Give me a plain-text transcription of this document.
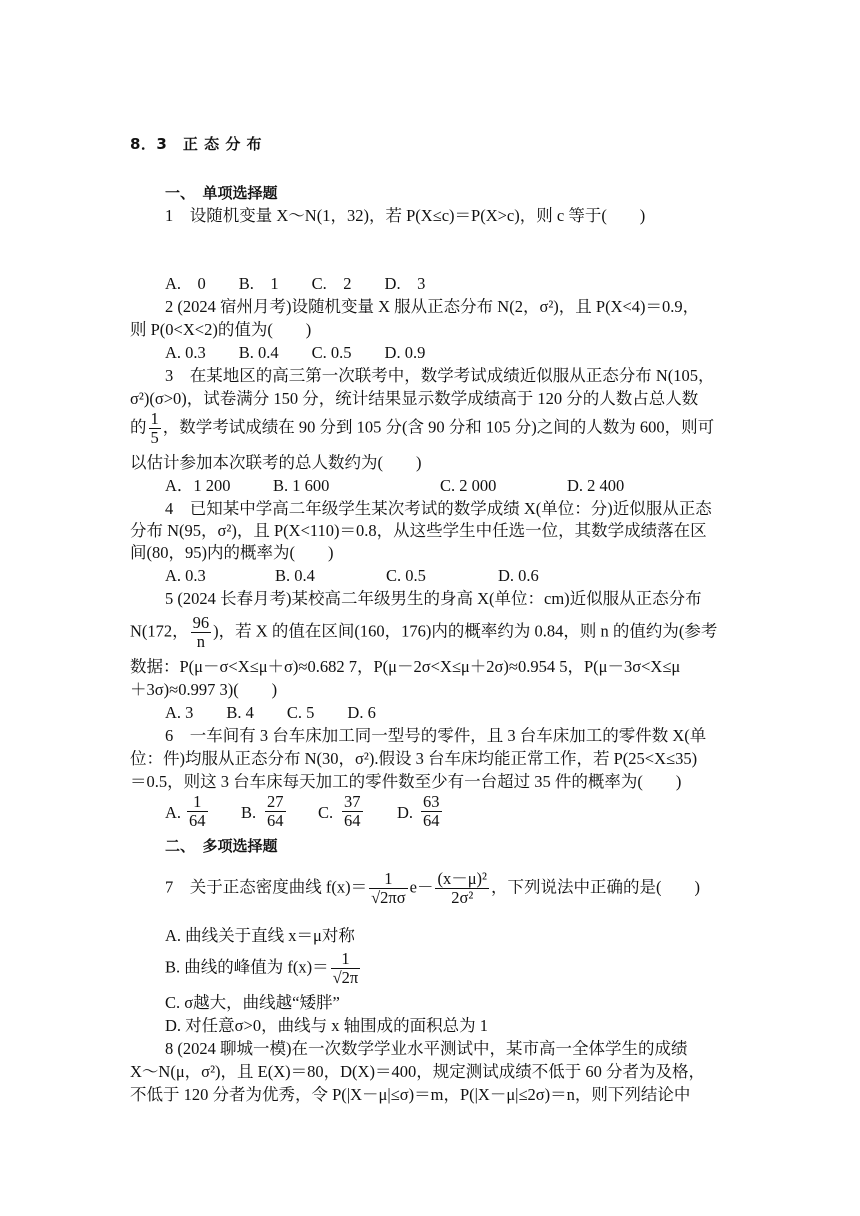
8．3　正 态 分 布
一、　单项选择题
1　设随机变量 X～N(1，32)，若 P(X≤c)＝P(X>c)，则 c 等于(　　)
A.　0　　B.　1　　C.　2　　D.　3
2 (2024 宿州月考)设随机变量 X 服从正态分布 N(2，σ²)，且 P(X<4)＝0.9，
则 P(0<X<2)的值为(　　)
A. 0.3　　B. 0.4　　C. 0.5　　D. 0.9
3　在某地区的高三第一次联考中，数学考试成绩近似服从正态分布 N(105，
σ²)(σ>0)，试卷满分 150 分，统计结果显示数学成绩高于 120 分的人数占总人数
的 $\frac{1}{5}$ ，数学考试成绩在 90 分到 105 分(含 90 分和 105 分)之间的人数为 600，则可
以估计参加本次联考的总人数约为(　　)
A．1 200	B. 1 600	C. 2 000	D. 2 400
4　已知某中学高二年级学生某次考试的数学成绩 X(单位：分)近似服从正态
分布 N(95，σ²)，且 P(X<110)＝0.8，从这些学生中任选一位，其数学成绩落在区
间(80，95)内的概率为(　　)
A. 0.3	B. 0.4	C. 0.5	D. 0.6
5 (2024 长春月考)某校高二年级男生的身高 X(单位：cm)近似服从正态分布
N(172， $\frac{96}{n}$ )，若 X 的值在区间(160，176)内的概率约为 0.84，则 n 的值约为(参考
数据：P(μ－σ<X≤μ＋σ)≈0.682 7，P(μ－2σ<X≤μ＋2σ)≈0.954 5，P(μ－3σ<X≤μ
＋3σ)≈0.997 3)(　　)
A. 3　　B. 4　　C. 5　　D. 6
6　一车间有 3 台车床加工同一型号的零件，且 3 台车床加工的零件数 X(单
位：件)均服从正态分布 N(30，σ²).假设 3 台车床均能正常工作，若 P(25<X≤35)
＝0.5，则这 3 台车床每天加工的零件数至少有一台超过 35 件的概率为(　　)
A. $\frac{1}{64} B$. $\frac{27}{64} C$. $\frac{37}{64} D$. $\frac{63}{64}$
二、　多项选择题
7　关于正态密度曲线 $f(x)= \frac{1}{√2\pi\sigma} e- \frac{\text{(x－μ)²}}{\text{2σ²}}$ ，下列说法中正确的是(　　)
A. 曲线关于直线 x＝μ对称
B. 曲线的峰值为 $f(x)= \frac{1}{√2\pi}$
C. σ越大，曲线越“矮胖”
D. 对任意σ>0，曲线与 x 轴围成的面积总为 1
8 (2024 聊城一模)在一次数学学业水平测试中，某市高一全体学生的成绩
X～N(μ，σ²)，且 E(X)＝80，D(X)＝400，规定测试成绩不低于 60 分者为及格，
不低于 120 分者为优秀，令 P(|X－μ|≤σ)＝m，P(|X－μ|≤2σ)＝n，则下列结论中
